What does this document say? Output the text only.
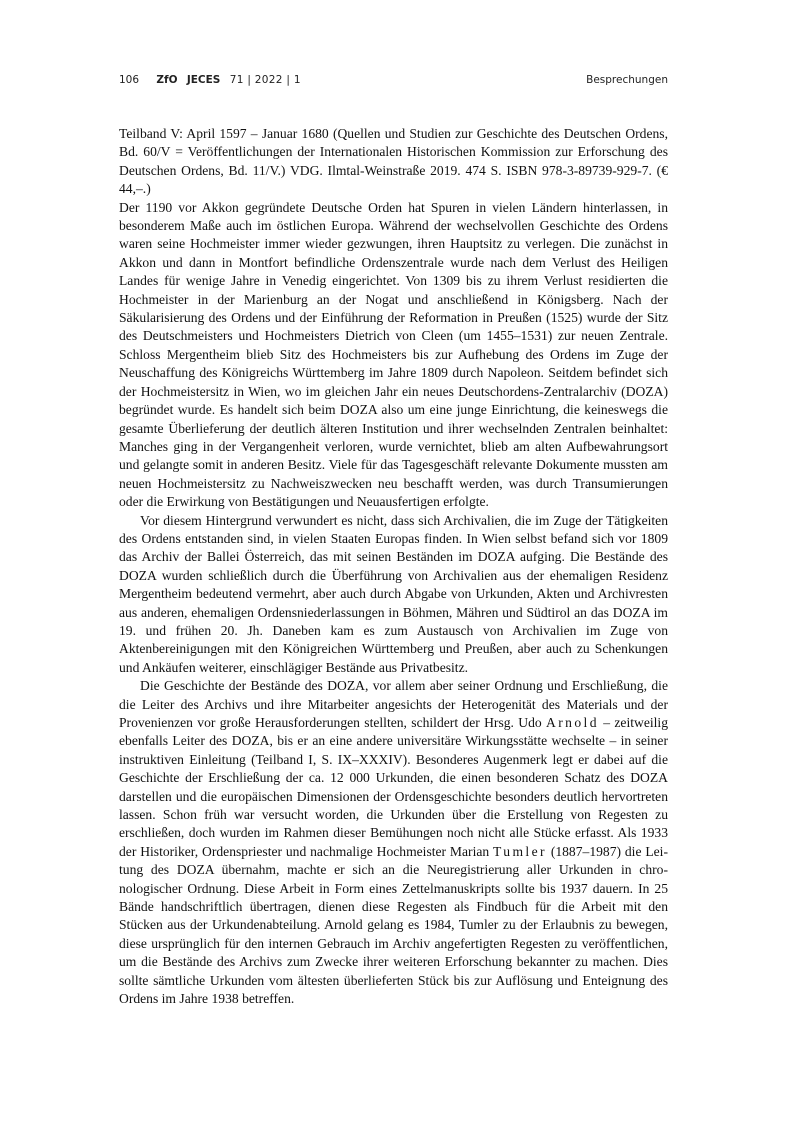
106 ZfO JECES 71 | 2022 | 1	Besprechungen

Teilband V: April 1597 – Januar 1680 (Quellen und Studien zur Geschichte des Deutschen Ordens, Bd. 60/V = Veröffentlichungen der Internationalen Historischen Kommission zur Erforschung des Deutschen Ordens, Bd. 11/V.) VDG. Ilmtal-Weinstraße 2019. 474 S. ISBN 978-3-89739-929-7. (€ 44,–.)

Der 1190 vor Akkon gegründete Deutsche Orden hat Spuren in vielen Ländern hinterlassen, in besonderem Maße auch im östlichen Europa. Während der wechselvollen Geschichte des Ordens waren seine Hochmeister immer wieder gezwungen, ihren Hauptsitz zu verlegen. Die zunächst in Akkon und dann in Montfort befindliche Ordenszentrale wurde nach dem Verlust des Heiligen Landes für wenige Jahre in Venedig eingerichtet. Von 1309 bis zu ihrem Verlust residierten die Hochmeister in der Marienburg an der Nogat und anschließend in Königsberg. Nach der Säkularisierung des Ordens und der Einführung der Reformation in Preußen (1525) wurde der Sitz des Deutschmeisters und Hochmeisters Dietrich von Cleen (um 1455–1531) zur neuen Zentrale. Schloss Mergentheim blieb Sitz des Hochmeisters bis zur Aufhebung des Ordens im Zuge der Neuschaffung des Königreichs Württemberg im Jahre 1809 durch Napoleon. Seitdem befindet sich der Hochmeistersitz in Wien, wo im gleichen Jahr ein neues Deutschordens-Zentralarchiv (DOZA) begründet wurde. Es handelt sich beim DOZA also um eine junge Einrichtung, die keineswegs die gesamte Überlieferung der deutlich älteren Institution und ihrer wechselnden Zentralen beinhaltet: Manches ging in der Vergangenheit verloren, wurde vernichtet, blieb am alten Aufbewahrungsort und gelangte somit in anderen Besitz. Viele für das Tagesgeschäft relevante Dokumente mussten am neuen Hochmeistersitz zu Nachweiszwecken neu beschafft werden, was durch Transumierungen oder die Erwirkung von Bestätigungen und Neuausfertigen erfolgte.

Vor diesem Hintergrund verwundert es nicht, dass sich Archivalien, die im Zuge der Tätigkeiten des Ordens entstanden sind, in vielen Staaten Europas finden. In Wien selbst befand sich vor 1809 das Archiv der Ballei Österreich, das mit seinen Beständen im DOZA aufging. Die Bestände des DOZA wurden schließlich durch die Überführung von Archivalien aus der ehemaligen Residenz Mergentheim bedeutend vermehrt, aber auch durch Abgabe von Urkunden, Akten und Archivresten aus anderen, ehemaligen Ordensniederlassungen in Böhmen, Mähren und Südtirol an das DOZA im 19. und frühen 20. Jh. Daneben kam es zum Austausch von Archivalien im Zuge von Aktenbereinigungen mit den Königreichen Württemberg und Preußen, aber auch zu Schenkungen und Ankäufen weiterer, einschlägiger Bestände aus Privatbesitz.

Die Geschichte der Bestände des DOZA, vor allem aber seiner Ordnung und Erschließung, die die Leiter des Archivs und ihre Mitarbeiter angesichts der Heterogenität des Materials und der Provenienzen vor große Herausforderungen stellten, schildert der Hrsg. Udo Arnold – zeitweilig ebenfalls Leiter des DOZA, bis er an eine andere universitäre Wirkungsstätte wechselte – in seiner instruktiven Einleitung (Teilband I, S. IX–XXXIV). Besonderes Augenmerk legt er dabei auf die Geschichte der Erschließung der ca. 12 000 Urkunden, die einen besonderen Schatz des DOZA darstellen und die europäischen Dimensionen der Ordensgeschichte besonders deutlich hervortreten lassen. Schon früh war versucht worden, die Urkunden über die Erstellung von Regesten zu erschließen, doch wurden im Rahmen dieser Bemühungen noch nicht alle Stücke erfasst. Als 1933 der Historiker, Ordenspriester und nachmalige Hochmeister Marian Tumler (1887–1987) die Leitung des DOZA übernahm, machte er sich an die Neuregistrierung aller Urkunden in chronologischer Ordnung. Diese Arbeit in Form eines Zettelmanuskripts sollte bis 1937 dauern. In 25 Bände handschriftlich übertragen, dienen diese Regesten als Findbuch für die Arbeit mit den Stücken aus der Urkundenabteilung. Arnold gelang es 1984, Tumler zu der Erlaubnis zu bewegen, diese ursprünglich für den internen Gebrauch im Archiv angefertigten Regesten zu veröffentlichen, um die Bestände des Archivs zum Zwecke ihrer weiteren Erforschung bekannter zu machen. Dies sollte sämtliche Urkunden vom ältesten überlieferten Stück bis zur Auflösung und Enteignung des Ordens im Jahre 1938 betreffen.
